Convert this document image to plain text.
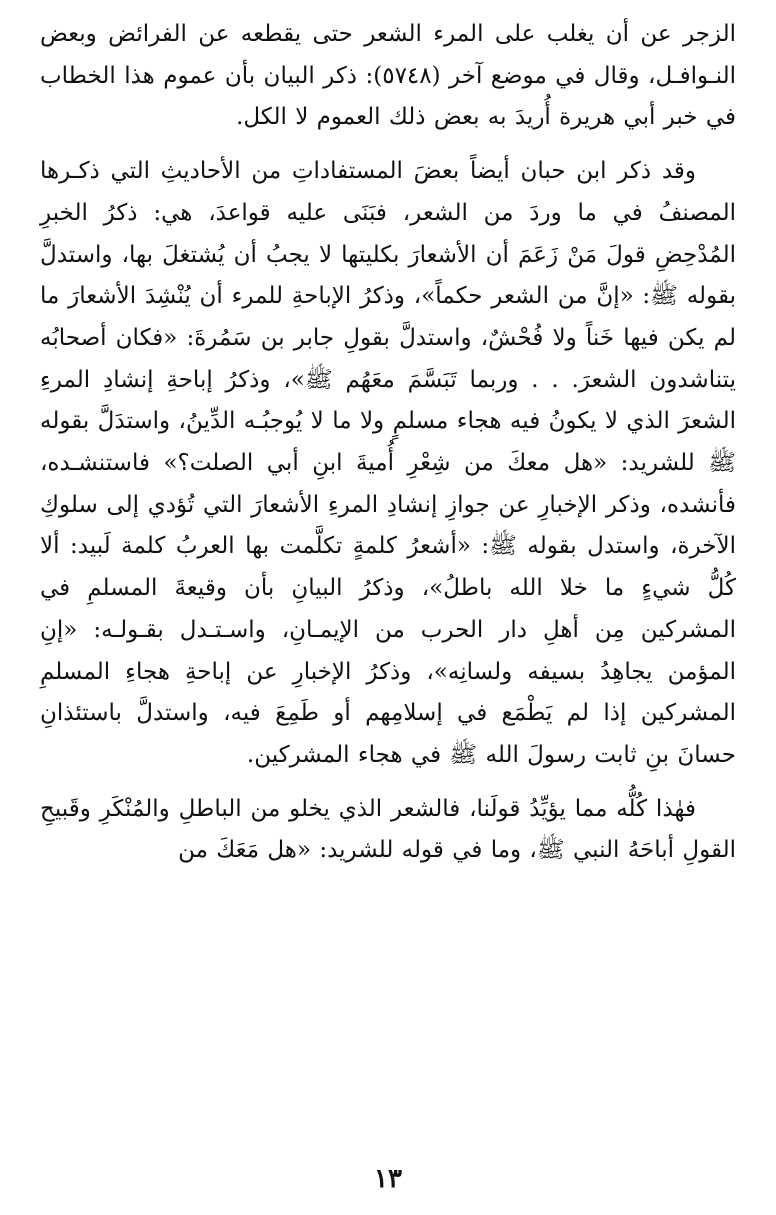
الزجر عن أن يغلب على المرء الشعر حتى يقطعه عن الفرائض وبعض النـوافـل، وقال في موضع آخر (٥٧٤٨): ذكر البيان بأن عموم هذا الخطاب في خبر أبي هريرة أُريدَ به بعض ذلك العموم لا الكل.

وقد ذكر ابن حبان أيضاً بعضَ المستفاداتِ من الأحاديثِ التي ذكـرها المصنفُ في ما وردَ من الشعر، فبَنَى عليه قواعدَ، هي: ذكرُ الخبرِ المُدْحِضِ قولَ مَنْ زَعَمَ أن الأشعارَ بكليتها لا يجبُ أن يُشتغلَ بها، واستدلَّ بقوله ﷺ: «إنَّ من الشعر حكماً»، وذكرُ الإباحةِ للمرء أن يُنْشِدَ الأشعارَ ما لم يكن فيها خَناً ولا فُحْشٌ، واستدلَّ بقولِ جابر بن سَمُرةَ: «فكان أصحابُه يتناشدون الشعرَ. . . وربما تَبَسَّمَ معَهُم ﷺ»، وذكرُ إباحةِ إنشادِ المرءِ الشعرَ الذي لا يكونُ فيه هجاء مسلمٍ ولا ما لا يُوجبُـه الدِّينُ، واستدَلَّ بقوله ﷺ للشريد: «هل معكَ من شِعْرِ أُميةَ ابنِ أبي الصلت؟» فاستنشـده، فأنشده، وذكر الإخبارِ عن جوازِ إنشادِ المرءِ الأشعارَ التي تُؤدي إلى سلوكِ الآخرة، واستدل بقوله ﷺ: «أشعرُ كلمةٍ تكلَّمت بها العربُ كلمة لَبيد: ألا كُلُّ شيءٍ ما خلا الله باطلُ»، وذكرُ البيانِ بأن وقيعةَ المسلمِ في المشركين مِن أهلِ دار الحرب من الإيمـانِ، واسـتـدل بقـولـه: «إنِ المؤمن يجاهِدُ بسيفه ولسانِه»، وذكرُ الإخبارِ عن إباحةِ هجاءِ المسلمِ المشركين إذا لم يَطْمَع في إسلامِهم أو طَمِعَ فيه، واستدلَّ باستئذانِ حسانَ بنِ ثابت رسولَ الله ﷺ في هجاء المشركين.

فهٰذا كُلُّه مما يؤيِّدُ قولَنا، فالشعر الذي يخلو من الباطلِ والمُنْكَرِ وقَبيحِ القولِ أباحَهُ النبي ﷺ، وما في قوله للشريد: «هل مَعَكَ من

١٣
